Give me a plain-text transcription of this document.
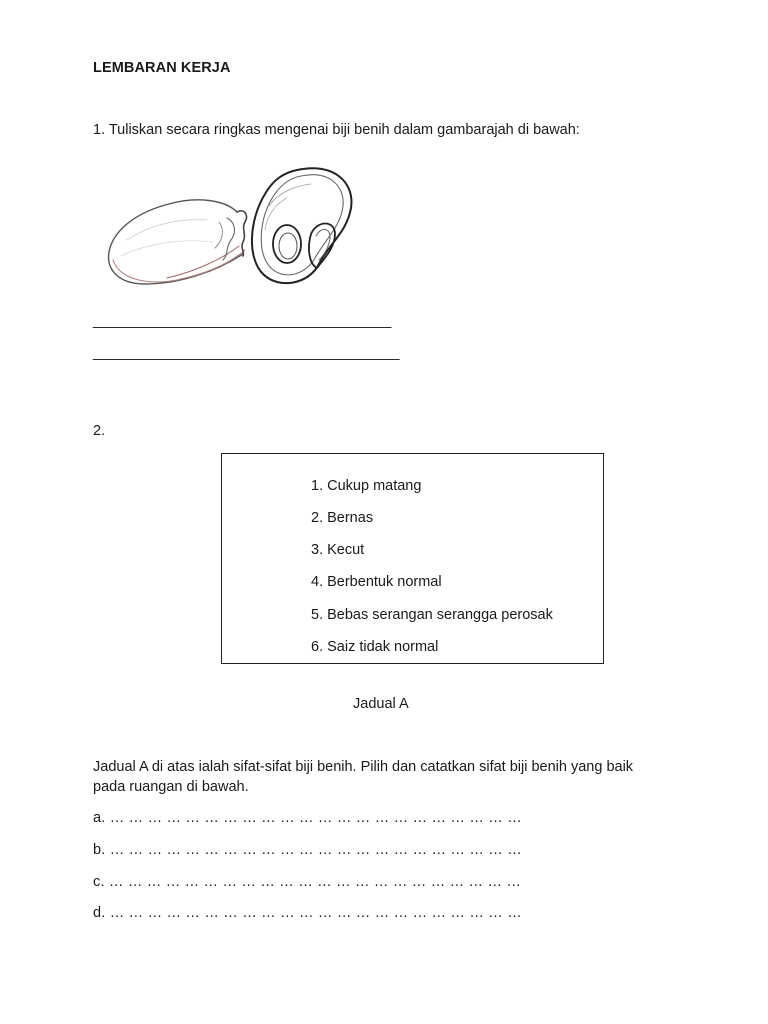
LEMBARAN KERJA
1. Tuliskan secara ringkas mengenai biji benih dalam gambarajah di bawah:
_____________________________________
______________________________________
2.
1. Cukup matang
2. Bernas
3. Kecut
4. Berbentuk normal
5. Bebas serangan serangga perosak
6. Saiz tidak normal
Jadual A
Jadual A di atas ialah sifat-sifat biji benih. Pilih dan catatkan sifat biji benih yang baik
pada ruangan di bawah.
a. … … … … … … … … … … … … … … … … … … … … … …
b. … … … … … … … … … … … … … … … … … … … … … …
c. … … … … … … … … … … … … … … … … … … … … … …
d. … … … … … … … … … … … … … … … … … … … … … …
